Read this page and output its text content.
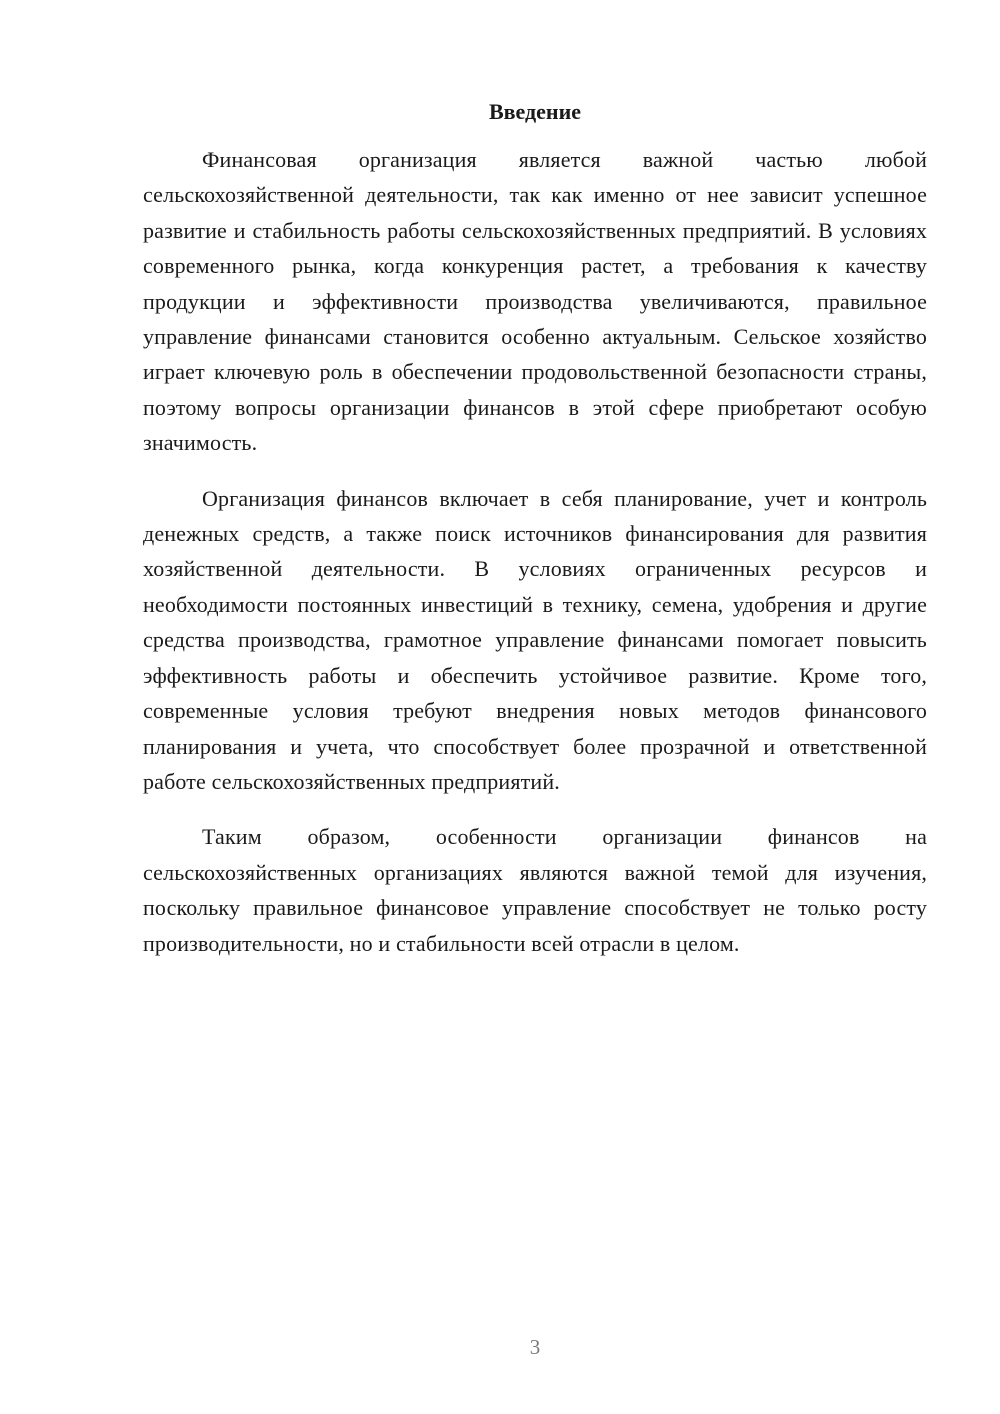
Введение

Финансовая организация является важной частью любой сельскохозяйственной деятельности, так как именно от нее зависит успешное развитие и стабильность работы сельскохозяйственных предприятий. В условиях современного рынка, когда конкуренция растет, а требования к качеству продукции и эффективности производства увеличиваются, правильное управление финансами становится особенно актуальным. Сельское хозяйство играет ключевую роль в обеспечении продовольственной безопасности страны, поэтому вопросы организации финансов в этой сфере приобретают особую значимость.

Организация финансов включает в себя планирование, учет и контроль денежных средств, а также поиск источников финансирования для развития хозяйственной деятельности. В условиях ограниченных ресурсов и необходимости постоянных инвестиций в технику, семена, удобрения и другие средства производства, грамотное управление финансами помогает повысить эффективность работы и обеспечить устойчивое развитие. Кроме того, современные условия требуют внедрения новых методов финансового планирования и учета, что способствует более прозрачной и ответственной работе сельскохозяйственных предприятий.

Таким образом, особенности организации финансов на сельскохозяйственных организациях являются важной темой для изучения, поскольку правильное финансовое управление способствует не только росту производительности, но и стабильности всей отрасли в целом.

3
